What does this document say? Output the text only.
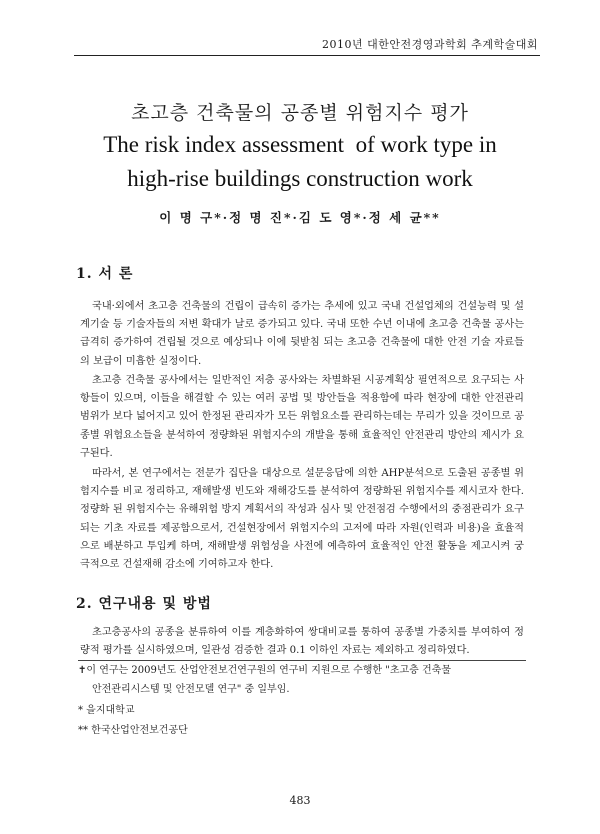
2010년 대한안전경영과학회 추계학술대회
초고층 건축물의 공종별 위험지수 평가
The risk index assessment  of work type in
high-rise buildings construction work
이 명 구*·정 명 진*·김 도 영*·정 세 균**
1. 서 론

국내·외에서 초고층 건축물의 건립이 급속히 증가는 추세에 있고 국내 건설업체의 건설능력 및 설계기술 등 기술자들의 저변 확대가 날로 증가되고 있다. 국내 또한 수년 이내에 초고층 건축물 공사는 급격히 증가하여 견립될 것으로 예상되나 이에 뒷받침 되는 초고층 건축물에 대한 안전 기술 자료들의 보급이 미흡한 실정이다.

초고층 건축물 공사에서는 일반적인 저층 공사와는 차별화된 시공계획상 필연적으로 요구되는 사항들이 있으며, 이들을 해결할 수 있는 여러 공법 및 방안들을 적용함에 따라 현장에 대한 안전관리 범위가 보다 넓어지고 있어 한정된 관리자가 모든 위험요소를 관리하는데는 무리가 있을 것이므로 공종별 위험요소들을 분석하여 정량화된 위험지수의 개발을 통해 효율적인 안전관리 방안의 제시가 요구된다.

따라서, 본 연구에서는 전문가 집단을 대상으로 설문응답에 의한 AHP분석으로 도출된 공종별 위험지수를 비교 정리하고, 재해발생 빈도와 재해강도를 분석하여 정량화된 위험지수를 제시코자 한다. 정량화 된 위험지수는 유해위험 방지 계획서의 작성과 심사 및 안전점검 수행에서의 중점관리가 요구되는 기초 자료를 제공함으로서, 건설현장에서 위험지수의 고저에 따라 자원(인력과 비용)을 효율적으로 배분하고 투입케 하며, 재해발생 위험성을 사전에 예측하여 효율적인 안전 활동을 제고시켜 궁극적으로 건설재해 감소에 기여하고자 한다.

2. 연구내용 및 방법

초고층공사의 공종을 분류하여 이를 계층화하여 쌍대비교를 통하여 공종별 가중치를 부여하여 정량적 평가를 실시하였으며, 일관성 검증한 결과 0.1 이하인 자료는 제외하고 정리하였다.

✝이 연구는 2009년도 산업안전보건연구원의 연구비 지원으로 수행한 "초고층 건축물
안전관리시스템 및 안전모델 연구" 중 일부임.
* 을지대학교
** 한국산업안전보건공단
483
